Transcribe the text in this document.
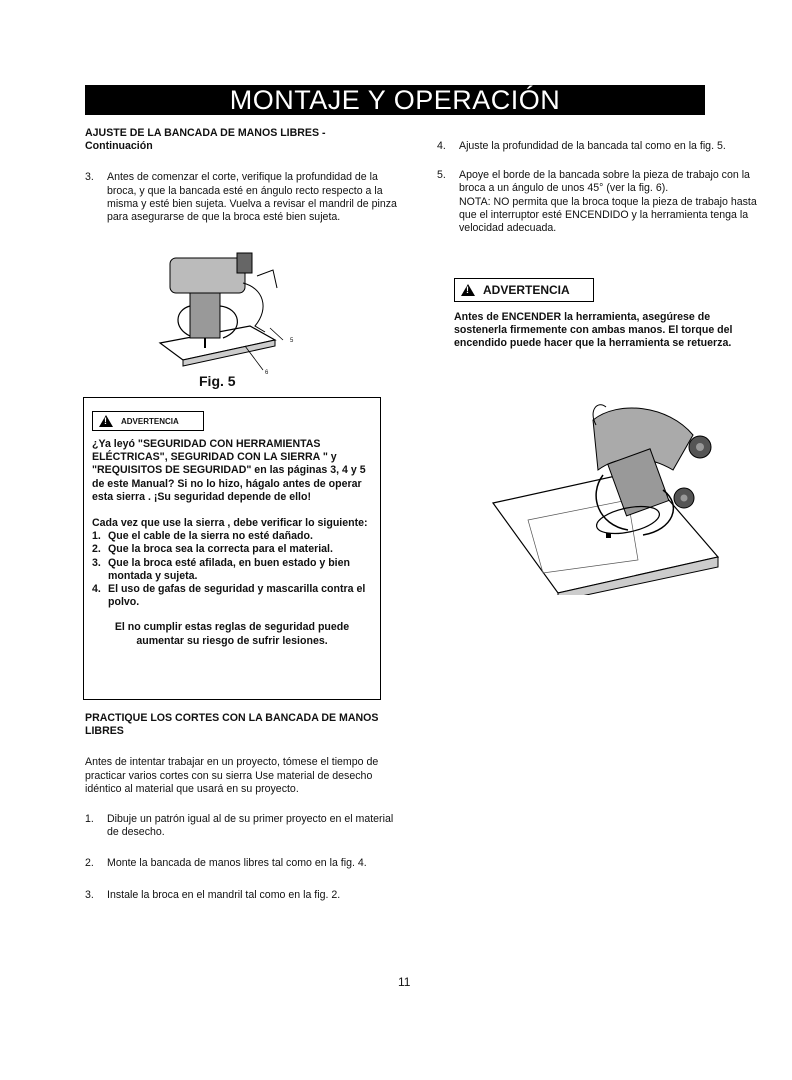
MONTAJE Y OPERACIÓN

AJUSTE DE LA BANCADA DE MANOS LIBRES - Continuación

3. Antes de comenzar el corte, verifique la profundidad de la broca, y que la bancada esté en ángulo recto respecto a la misma y esté bien sujeta. Vuelva a revisar el mandril de pinza para asegurarse de que la broca esté bien sujeta.
5
6
Fig. 5
!
ADVERTENCIA

¿Ya leyó "SEGURIDAD CON HERRAMIENTAS ELÉCTRICAS", SEGURIDAD CON LA SIERRA " y "REQUISITOS DE SEGURIDAD" en las páginas 3, 4 y 5 de este Manual? Si no lo hizo, hágalo antes de operar esta sierra . ¡Su seguridad depende de ello!

Cada vez que use la sierra , debe verificar lo siguiente:

1. Que el cable de la sierra no esté dañado.
2. Que la broca sea la correcta para el material.
3. Que la broca esté afilada, en buen estado y bien montada y sujeta.
4. El uso de gafas de seguridad y mascarilla contra el polvo.

El no cumplir estas reglas de seguridad puede aumentar su riesgo de sufrir lesiones.

PRACTIQUE LOS CORTES CON LA BANCADA DE MANOS LIBRES

Antes de intentar trabajar en un proyecto, tómese el tiempo de practicar varios cortes con su sierra Use material de desecho idéntico al material que usará en su proyecto.

1. Dibuje un patrón igual al de su primer proyecto en el material de desecho.
2. Monte la bancada de manos libres tal como en la fig. 4.
3. Instale la broca en el mandril tal como en la fig. 2.
4. Ajuste la profundidad de la bancada tal como en la fig. 5.
5. Apoye el borde de la bancada sobre la pieza de trabajo con la broca a un ángulo de unos 45° (ver la fig. 6).
NOTA: NO permita que la broca toque la pieza de trabajo hasta que el interruptor esté ENCENDIDO y la herramienta tenga la velocidad adecuada.
!
ADVERTENCIA
Antes de ENCENDER la herramienta, asegúrese de sostenerla firmemente con ambas manos. El torque del encendido puede hacer que la herramienta se retuerza.
11
